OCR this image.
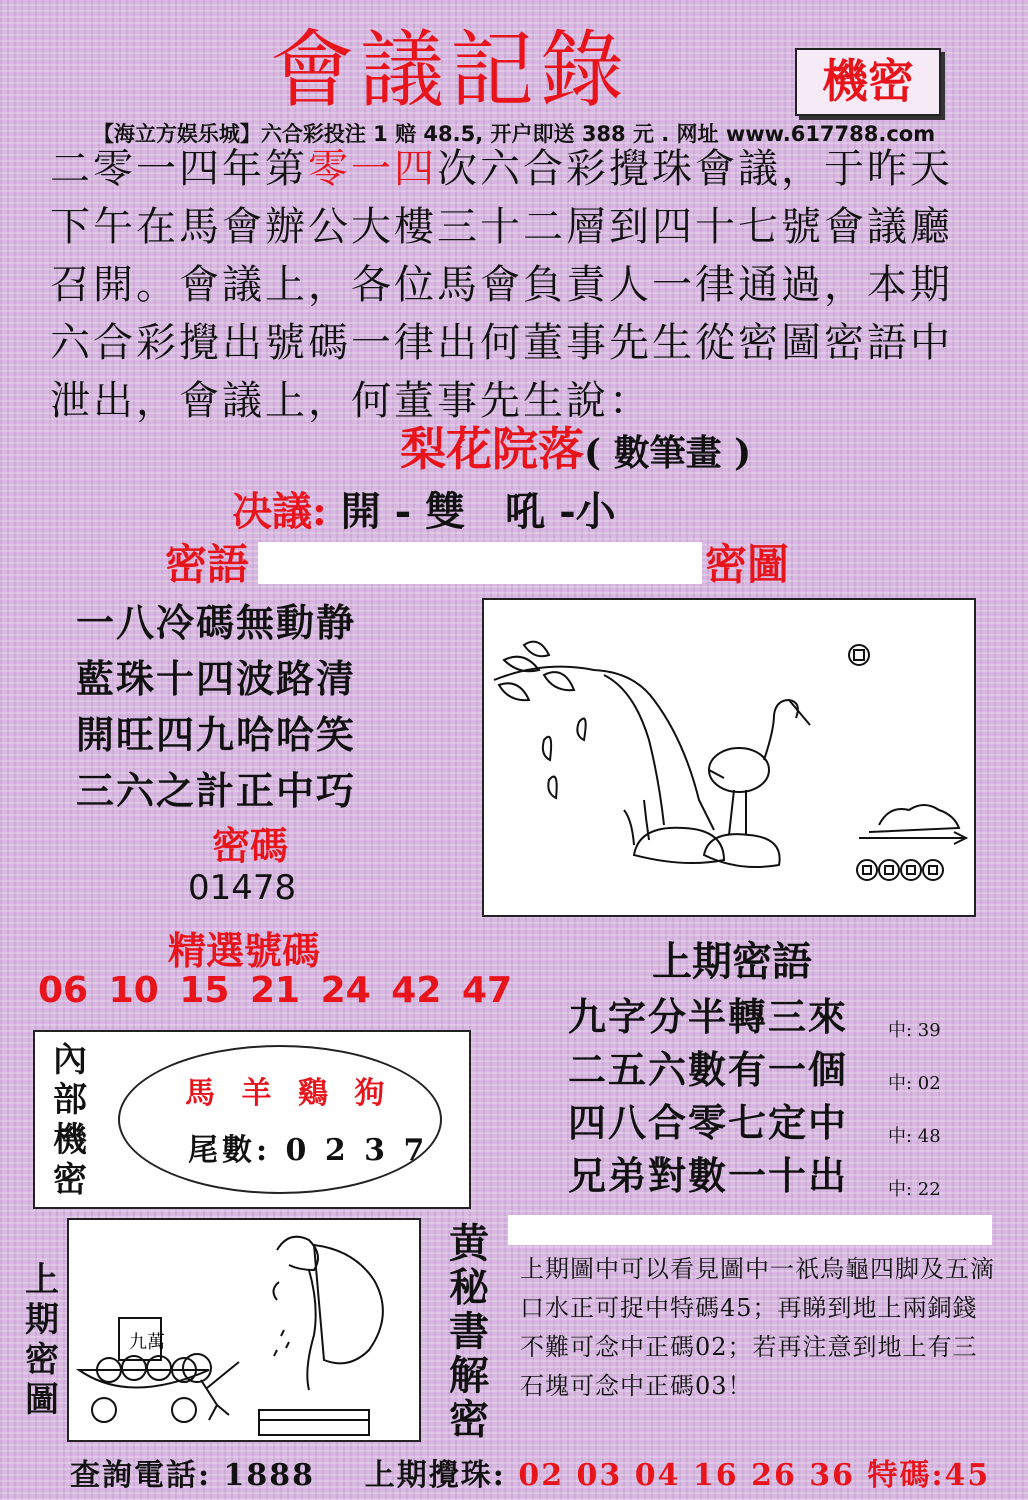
會議記錄	機密
【海立方娱乐城】六合彩投注 1 赔 48.5, 开户即送 388 元 . 网址 www.617788.com
二零一四年第零一四次六合彩攪珠會議，于昨天
下午在馬會辦公大樓三十二層到四十七號會議廳
召開。會議上，各位馬會負責人一律通過，本期
六合彩攪出號碼一律出何董事先生從密圖密語中
泄出，會議上，何董事先生說：
梨花院落( 數筆畫 )
决議: 開 - 雙　吼 -小
密語	密圖
一八冷碼無動静
藍珠十四波路清
開旺四九哈哈笑
三六之計正中巧
密碼
01478
精選號碼
06 10 15 21 24 42 47
上期密語
九字分半轉三來
二五六數有一個
四八合零七定中
兄弟對數一十出
中: 39
中: 02
中: 48
中: 22
內
部
機
密
馬 羊 鷄 狗
尾數: 0 2 3 7
上
期
密
圖
九萬
黄
秘
書
解
密
上期圖中可以看見圖中一祇烏龜四脚及五滴口水正可捉中特碼45；再睇到地上兩銅錢不難可念中正碼02；若再注意到地上有三石塊可念中正碼03！
查詢電話: 1888 上期攪珠: 02 03 04 16 26 36 特碼:45
